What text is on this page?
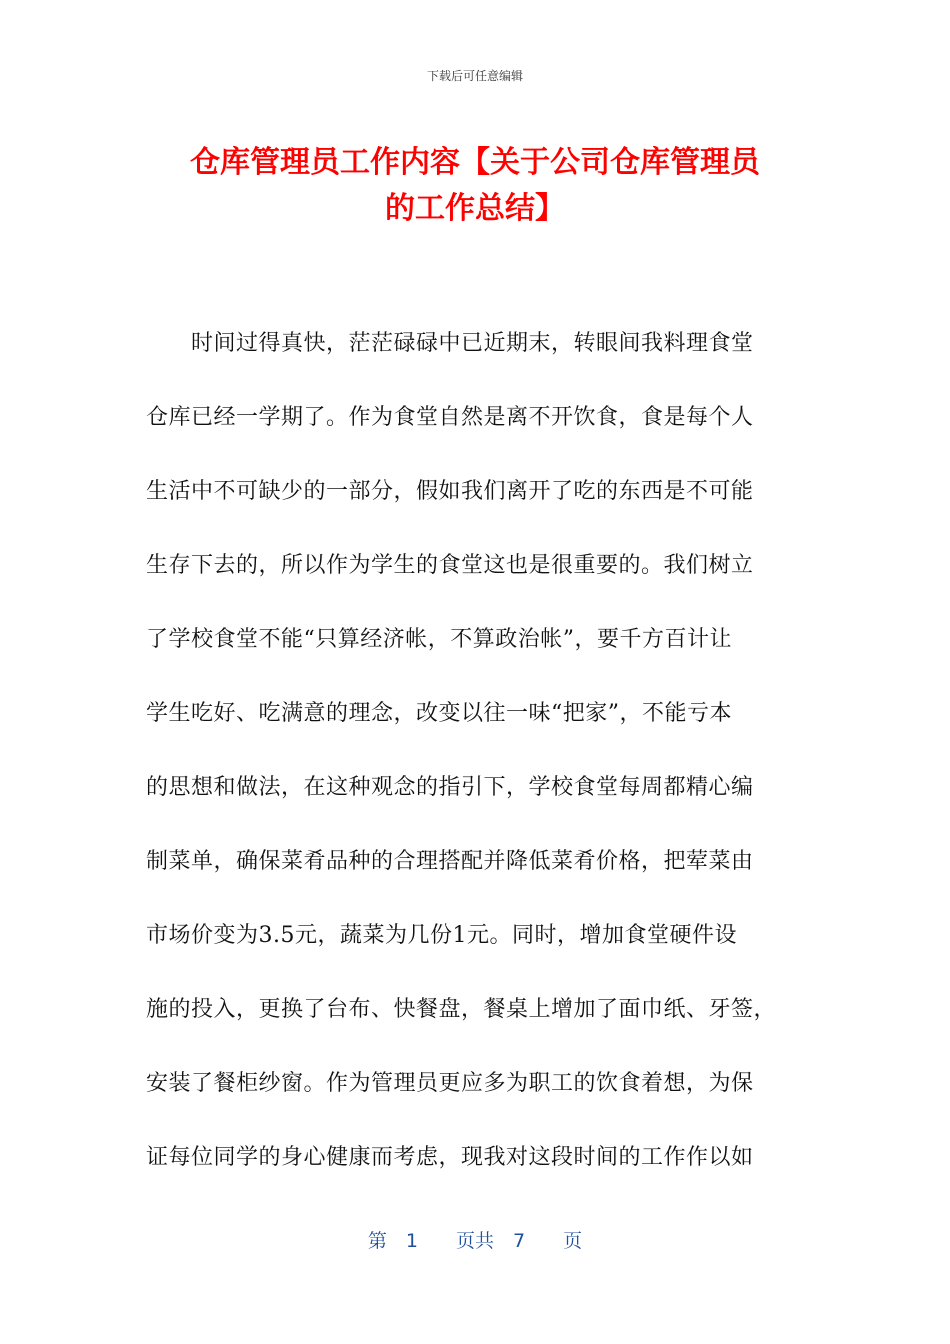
下载后可任意编辑
仓库管理员工作内容【关于公司仓库管理员
的工作总结】
　　时间过得真快，茫茫碌碌中已近期末，转眼间我料理食堂
仓库已经一学期了。作为食堂自然是离不开饮食，食是每个人
生活中不可缺少的一部分，假如我们离开了吃的东西是不可能
生存下去的，所以作为学生的食堂这也是很重要的。我们树立
了学校食堂不能“只算经济帐，不算政治帐”，要千方百计让
学生吃好、吃满意的理念，改变以往一味“把家”，不能亏本
的思想和做法，在这种观念的指引下，学校食堂每周都精心编
制菜单，确保菜肴品种的合理搭配并降低菜肴价格，把荤菜由
市场价变为3.5元，蔬菜为几份1元。同时，增加食堂硬件设
施的投入，更换了台布、快餐盘，餐桌上增加了面巾纸、牙签，
安装了餐柜纱窗。作为管理员更应多为职工的饮食着想，为保
证每位同学的身心健康而考虑，现我对这段时间的工作作以如
第　1　　页共　7　　页
